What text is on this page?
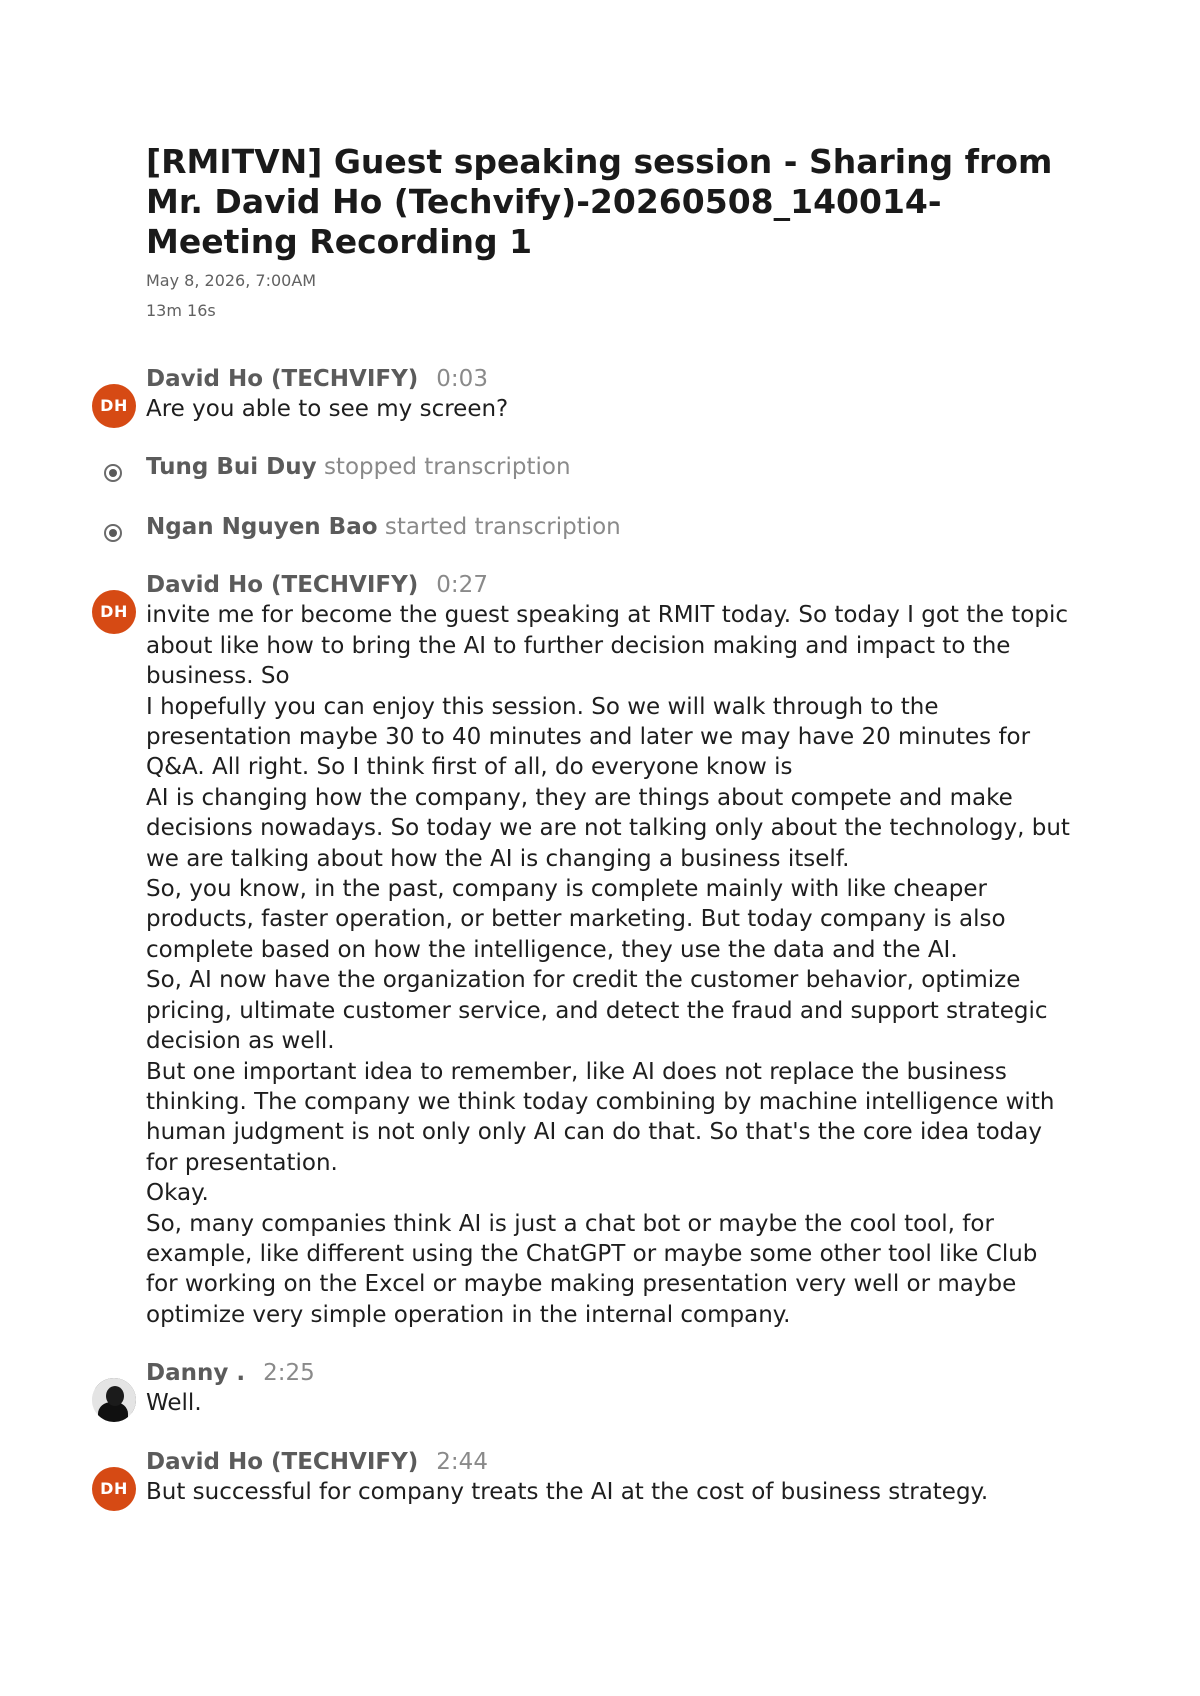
[RMITVN] Guest speaking session - Sharing from Mr. David Ho (Techvify)-20260508_140014-Meeting Recording 1
May 8, 2026, 7:00AM
13m 16s
DH
David Ho (TECHVIFY) 0:03

Are you able to see my screen?

Tung Bui Duy stopped transcription
Ngan Nguyen Bao started transcription
DH
David Ho (TECHVIFY) 0:27

invite me for become the guest speaking at RMIT today. So today I got the topic about like how to bring the AI to further decision making and impact to the business. So

I hopefully you can enjoy this session. So we will walk through to the presentation maybe 30 to 40 minutes and later we may have 20 minutes for Q&A. All right. So I think first of all, do everyone know is

AI is changing how the company, they are things about compete and make decisions nowadays. So today we are not talking only about the technology, but we are talking about how the AI is changing a business itself.

So, you know, in the past, company is complete mainly with like cheaper products, faster operation, or better marketing. But today company is also complete based on how the intelligence, they use the data and the AI.

So, AI now have the organization for credit the customer behavior, optimize pricing, ultimate customer service, and detect the fraud and support strategic decision as well.

But one important idea to remember, like AI does not replace the business thinking. The company we think today combining by machine intelligence with human judgment is not only only AI can do that. So that's the core idea today for presentation.

Okay.

So, many companies think AI is just a chat bot or maybe the cool tool, for example, like different using the ChatGPT or maybe some other tool like Club for working on the Excel or maybe making presentation very well or maybe optimize very simple operation in the internal company.

Danny . 2:25

Well.

DH
David Ho (TECHVIFY) 2:44

But successful for company treats the AI at the cost of business strategy.
